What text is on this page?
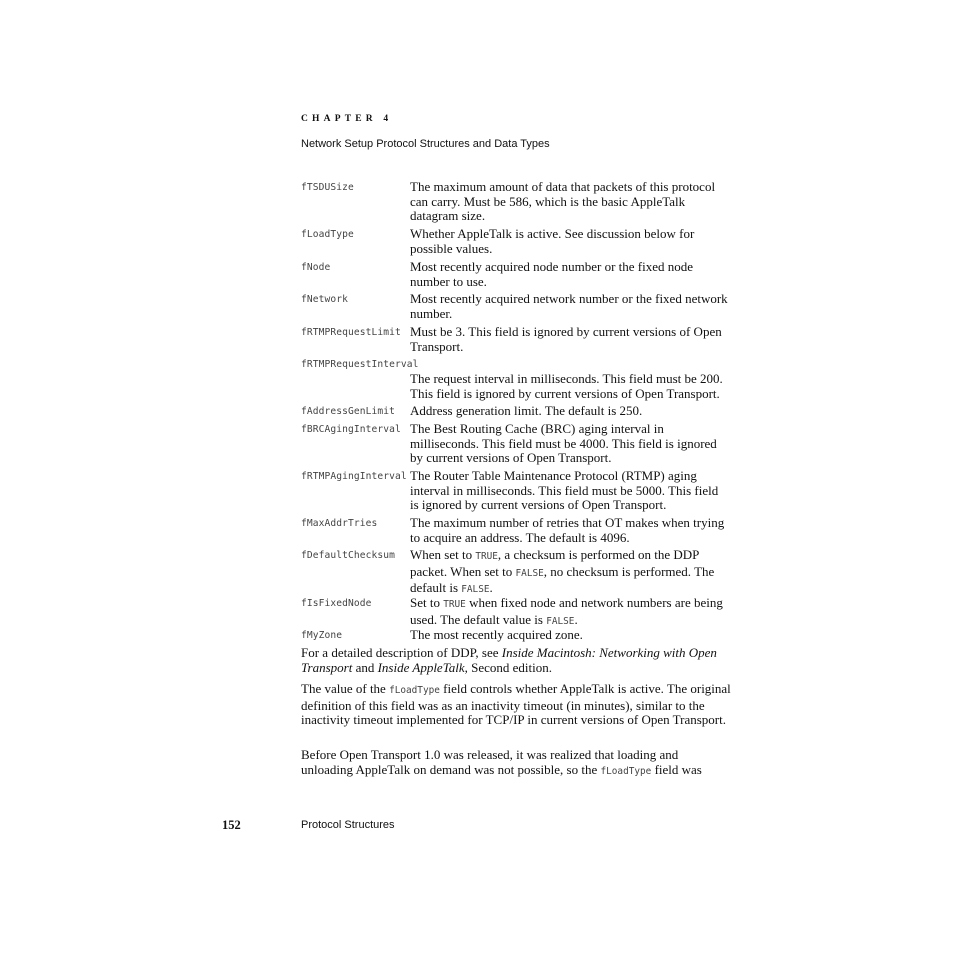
CHAPTER 4
Network Setup Protocol Structures and Data Types
fTSDUSize	The maximum amount of data that packets of this protocol can carry. Must be 586, which is the basic AppleTalk datagram size.
fLoadType	Whether AppleTalk is active. See discussion below for possible values.
fNode	Most recently acquired node number or the fixed node number to use.
fNetwork	Most recently acquired network number or the fixed network number.
fRTMPRequestLimit Must be 3. This field is ignored by current versions of Open Transport.
fRTMPRequestInterval
The request interval in milliseconds. This field must be 200. This field is ignored by current versions of Open Transport.
fAddressGenLimit Address generation limit. The default is 250.
fBRCAgingInterval The Best Routing Cache (BRC) aging interval in milliseconds. This field must be 4000. This field is ignored by current versions of Open Transport.
fRTMPAgingInterval The Router Table Maintenance Protocol (RTMP) aging interval in milliseconds. This field must be 5000. This field is ignored by current versions of Open Transport.
fMaxAddrTries	The maximum number of retries that OT makes when trying to acquire an address. The default is 4096.
fDefaultChecksum When set to TRUE, a checksum is performed on the DDP packet. When set to FALSE, no checksum is performed. The default is FALSE.
fIsFixedNode	Set to TRUE when fixed node and network numbers are being used. The default value is FALSE.
fMyZone	The most recently acquired zone.
For a detailed description of DDP, see Inside Macintosh: Networking with Open Transport and Inside AppleTalk, Second edition.
The value of the fLoadType field controls whether AppleTalk is active. The original definition of this field was as an inactivity timeout (in minutes), similar to the inactivity timeout implemented for TCP/IP in current versions of Open Transport.
Before Open Transport 1.0 was released, it was realized that loading and unloading AppleTalk on demand was not possible, so the fLoadType field was
152	Protocol Structures
